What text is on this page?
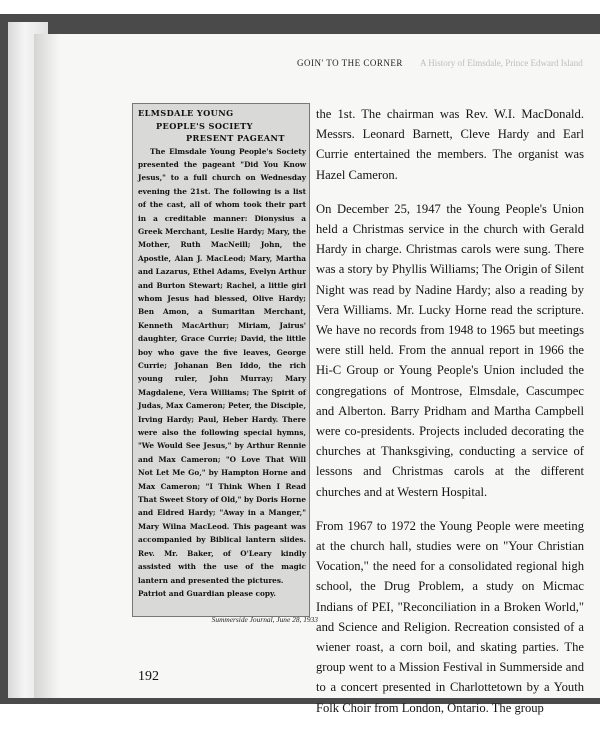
A History of Elmsdale, Prince Edward Island
GOIN' TO THE CORNER
ELMSDALE YOUNG
PEOPLE'S SOCIETY
PRESENT PAGEANT

The Elmsdale Young People's Society presented the pageant "Did You Know Jesus," to a full church on Wednesday evening the 21st. The following is a list of the cast, all of whom took their part in a creditable manner: Dionysius a Greek Merchant, Leslie Hardy; Mary, the Mother, Ruth MacNeill; John, the Apostle, Alan J. MacLeod; Mary, Martha and Lazarus, Ethel Adams, Evelyn Arthur and Burton Stewart; Rachel, a little girl whom Jesus had blessed, Olive Hardy; Ben Amon, a Sumaritan Merchant, Kenneth MacArthur; Miriam, Jairus' daughter, Grace Currie; David, the little boy who gave the five leaves, George Currie; Johanan Ben Iddo, the rich young ruler, John Murray; Mary Magdalene, Vera Williams; The Spirit of Judas, Max Cameron; Peter, the Disciple, Irving Hardy; Paul, Heber Hardy. There were also the following special hymns, "We Would See Jesus," by Arthur Rennie and Max Cameron; "O Love That Will Not Let Me Go," by Hampton Horne and Max Cameron; "I Think When I Read That Sweet Story of Old," by Doris Horne and Eldred Hardy; "Away in a Manger," Mary Wilna MacLeod. This pageant was accompanied by Biblical lantern slides. Rev. Mr. Baker, of O'Leary kindly assisted with the use of the magic lantern and presented the pictures.

Patriot and Guardian please copy.
Summerside Journal, June 28, 1933

the 1st. The chairman was Rev. W.I. MacDonald. Messrs. Leonard Barnett, Cleve Hardy and Earl Currie entertained the members. The organist was Hazel Cameron.

On December 25, 1947 the Young People's Union held a Christmas service in the church with Gerald Hardy in charge. Christmas carols were sung. There was a story by Phyllis Williams; The Origin of Silent Night was read by Nadine Hardy; also a reading by Vera Williams. Mr. Lucky Horne read the scripture. We have no records from 1948 to 1965 but meetings were still held. From the annual report in 1966 the Hi-C Group or Young People's Union included the congregations of Montrose, Elmsdale, Cascumpec and Alberton. Barry Pridham and Martha Campbell were co-presidents. Projects included decorating the churches at Thanksgiving, conducting a service of lessons and Christmas carols at the different churches and at Western Hospital.

From 1967 to 1972 the Young People were meeting at the church hall, studies were on "Your Christian Vocation," the need for a consolidated regional high school, the Drug Problem, a study on Micmac Indians of PEI, "Reconciliation in a Broken World," and Science and Religion. Recreation consisted of a wiener roast, a corn boil, and skating parties. The group went to a Mission Festival in Summerside and to a concert presented in Charlottetown by a Youth Folk Choir from London, Ontario. The group

192
